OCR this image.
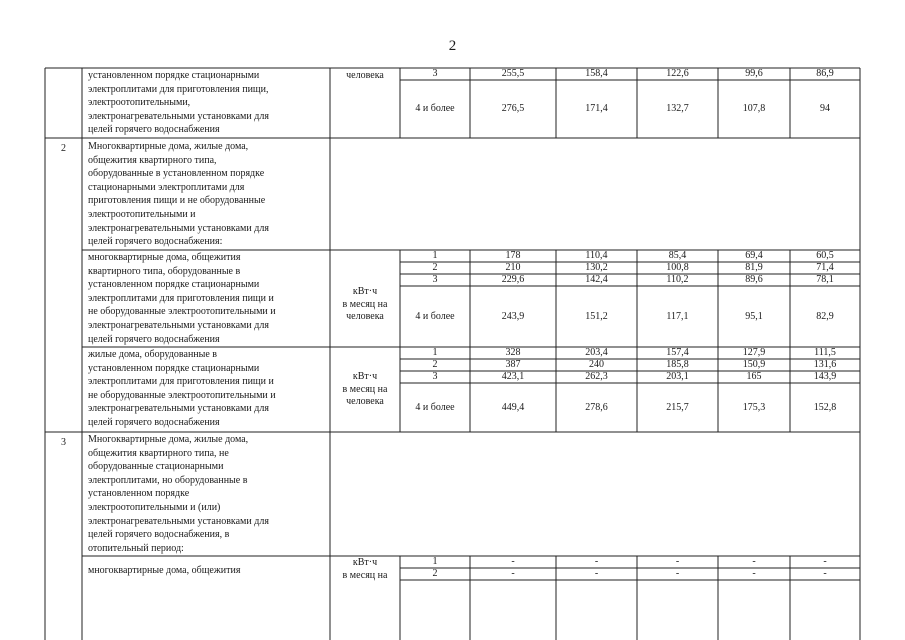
2
установленном порядке стационарными
электроплитами для приготовления пищи,
электроотопительными,
электронагревательными установками для
целей горячего водоснабжения
человека	3	255,5	158,4	122,6	99,6	86,9
4 и более	276,5	171,4	132,7	107,8	94
2	Многоквартирные дома, жилые дома,
общежития квартирного типа,
оборудованные в установленном порядке
стационарными электроплитами для
приготовления пищи и не оборудованные
электроотопительными и
электронагревательными установками для
целей горячего водоснабжения:
многоквартирные дома, общежития
квартирного типа, оборудованные в
установленном порядке стационарными
электроплитами для приготовления пищи и
не оборудованные электроотопительными и
электронагревательными установками для
целей горячего водоснабжения
кВт·ч
в месяц на
человека
1	178	110,4	85,4	69,4	60,5
2	210	130,2	100,8	81,9	71,4
3	229,6	142,4	110,2	89,6	78,1
4 и более	243,9	151,2	117,1	95,1	82,9
жилые дома, оборудованные в
установленном порядке стационарными
электроплитами для приготовления пищи и
не оборудованные электроотопительными и
электронагревательными установками для
целей горячего водоснабжения
кВт·ч
в месяц на
человека
1	328	203,4	157,4	127,9	111,5
2	387	240	185,8	150,9	131,6
3	423,1	262,3	203,1	165	143,9
4 и более	449,4	278,6	215,7	175,3	152,8
3	Многоквартирные дома, жилые дома,
общежития квартирного типа, не
оборудованные стационарными
электроплитами, но оборудованные в
установленном порядке
электроотопительными и (или)
электронагревательными установками для
целей горячего водоснабжения, в
отопительный период:
многоквартирные дома, общежития
кВт·ч
в месяц на
1	-	-	-	-	-
2	-	-	-	-	-
